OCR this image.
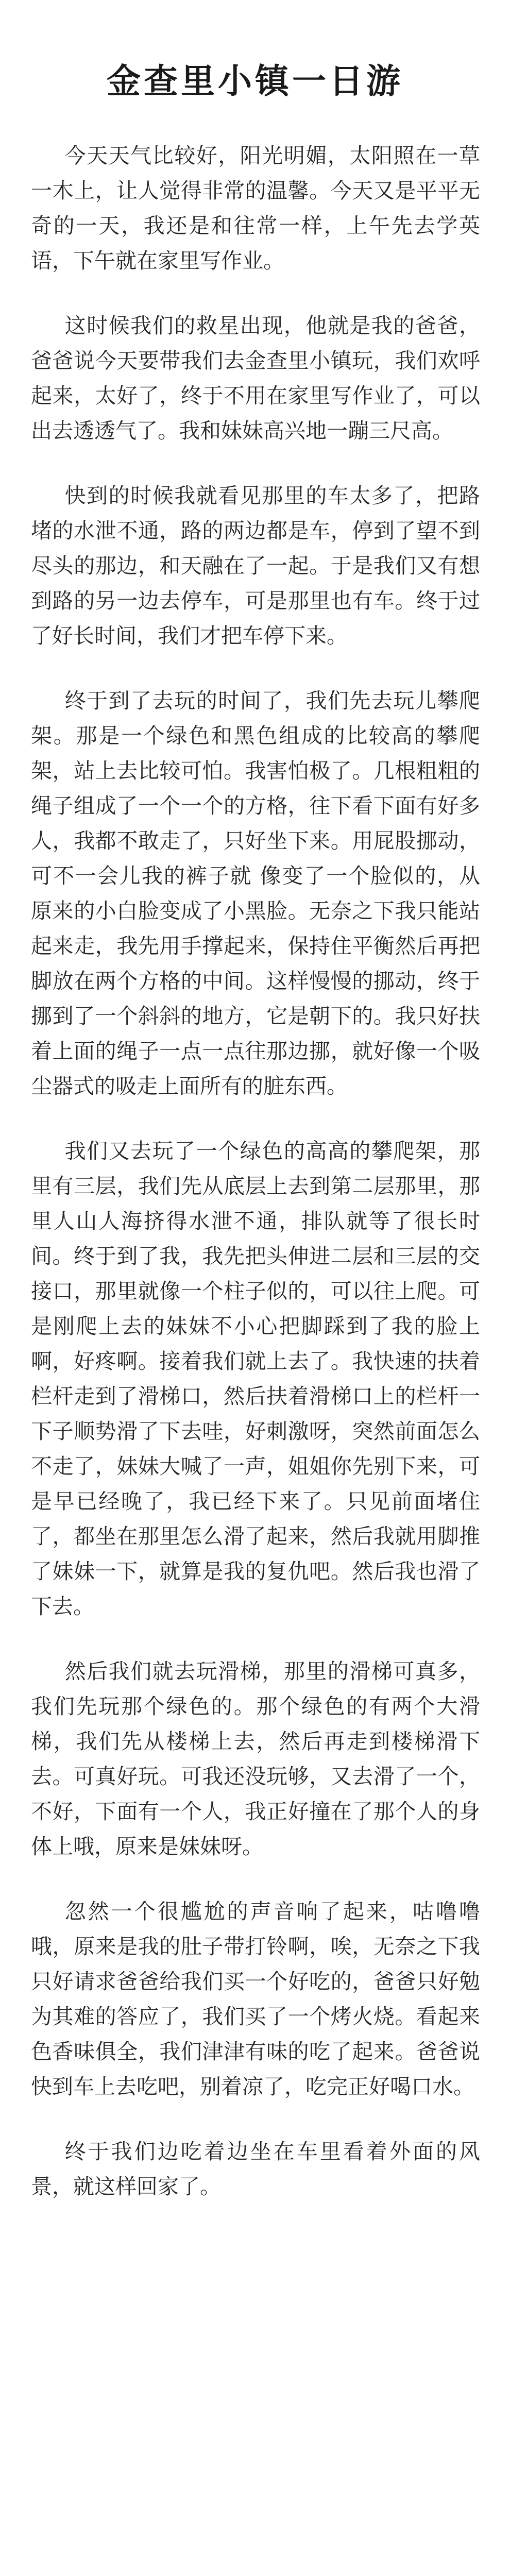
金查里小镇一日游

今天天气比较好，阳光明媚，太阳照在一草一木上，让人觉得非常的温馨。今天又是平平无奇的一天，我还是和往常一样，上午先去学英语，下午就在家里写作业。

这时候我们的救星出现，他就是我的爸爸，爸爸说今天要带我们去金查里小镇玩，我们欢呼起来，太好了，终于不用在家里写作业了，可以出去透透气了。我和妹妹高兴地一蹦三尺高。

快到的时候我就看见那里的车太多了，把路堵的水泄不通，路的两边都是车，停到了望不到尽头的那边，和天融在了一起。于是我们又有想到路的另一边去停车，可是那里也有车。终于过了好长时间，我们才把车停下来。

终于到了去玩的时间了，我们先去玩儿攀爬架。那是一个绿色和黑色组成的比较高的攀爬架，站上去比较可怕。我害怕极了。几根粗粗的绳子组成了一个一个的方格，往下看下面有好多人，我都不敢走了，只好坐下来。用屁股挪动，可不一会儿我的裤子就 像变了一个脸似的，从原来的小白脸变成了小黑脸。无奈之下我只能站起来走，我先用手撑起来，保持住平衡然后再把脚放在两个方格的中间。这样慢慢的挪动，终于挪到了一个斜斜的地方，它是朝下的。我只好扶着上面的绳子一点一点往那边挪，就好像一个吸尘器式的吸走上面所有的脏东西。

我们又去玩了一个绿色的高高的攀爬架，那里有三层，我们先从底层上去到第二层那里，那里人山人海挤得水泄不通，排队就等了很长时间。终于到了我，我先把头伸进二层和三层的交接口，那里就像一个柱子似的，可以往上爬。可是刚爬上去的妹妹不小心把脚踩到了我的脸上啊，好疼啊。接着我们就上去了。我快速的扶着栏杆走到了滑梯口，然后扶着滑梯口上的栏杆一下子顺势滑了下去哇，好刺激呀，突然前面怎么不走了，妹妹大喊了一声，姐姐你先别下来，可是早已经晚了，我已经下来了。只见前面堵住了，都坐在那里怎么滑了起来，然后我就用脚推了妹妹一下，就算是我的复仇吧。然后我也滑了下去。

然后我们就去玩滑梯，那里的滑梯可真多，我们先玩那个绿色的。那个绿色的有两个大滑梯，我们先从楼梯上去，然后再走到楼梯滑下去。可真好玩。可我还没玩够，又去滑了一个，不好，下面有一个人，我正好撞在了那个人的身体上哦，原来是妹妹呀。

忽然一个很尴尬的声音响了起来，咕噜噜哦，原来是我的肚子带打铃啊，唉，无奈之下我只好请求爸爸给我们买一个好吃的，爸爸只好勉为其难的答应了，我们买了一个烤火烧。看起来色香味俱全，我们津津有味的吃了起来。爸爸说快到车上去吃吧，别着凉了，吃完正好喝口水。

终于我们边吃着边坐在车里看着外面的风景，就这样回家了。
